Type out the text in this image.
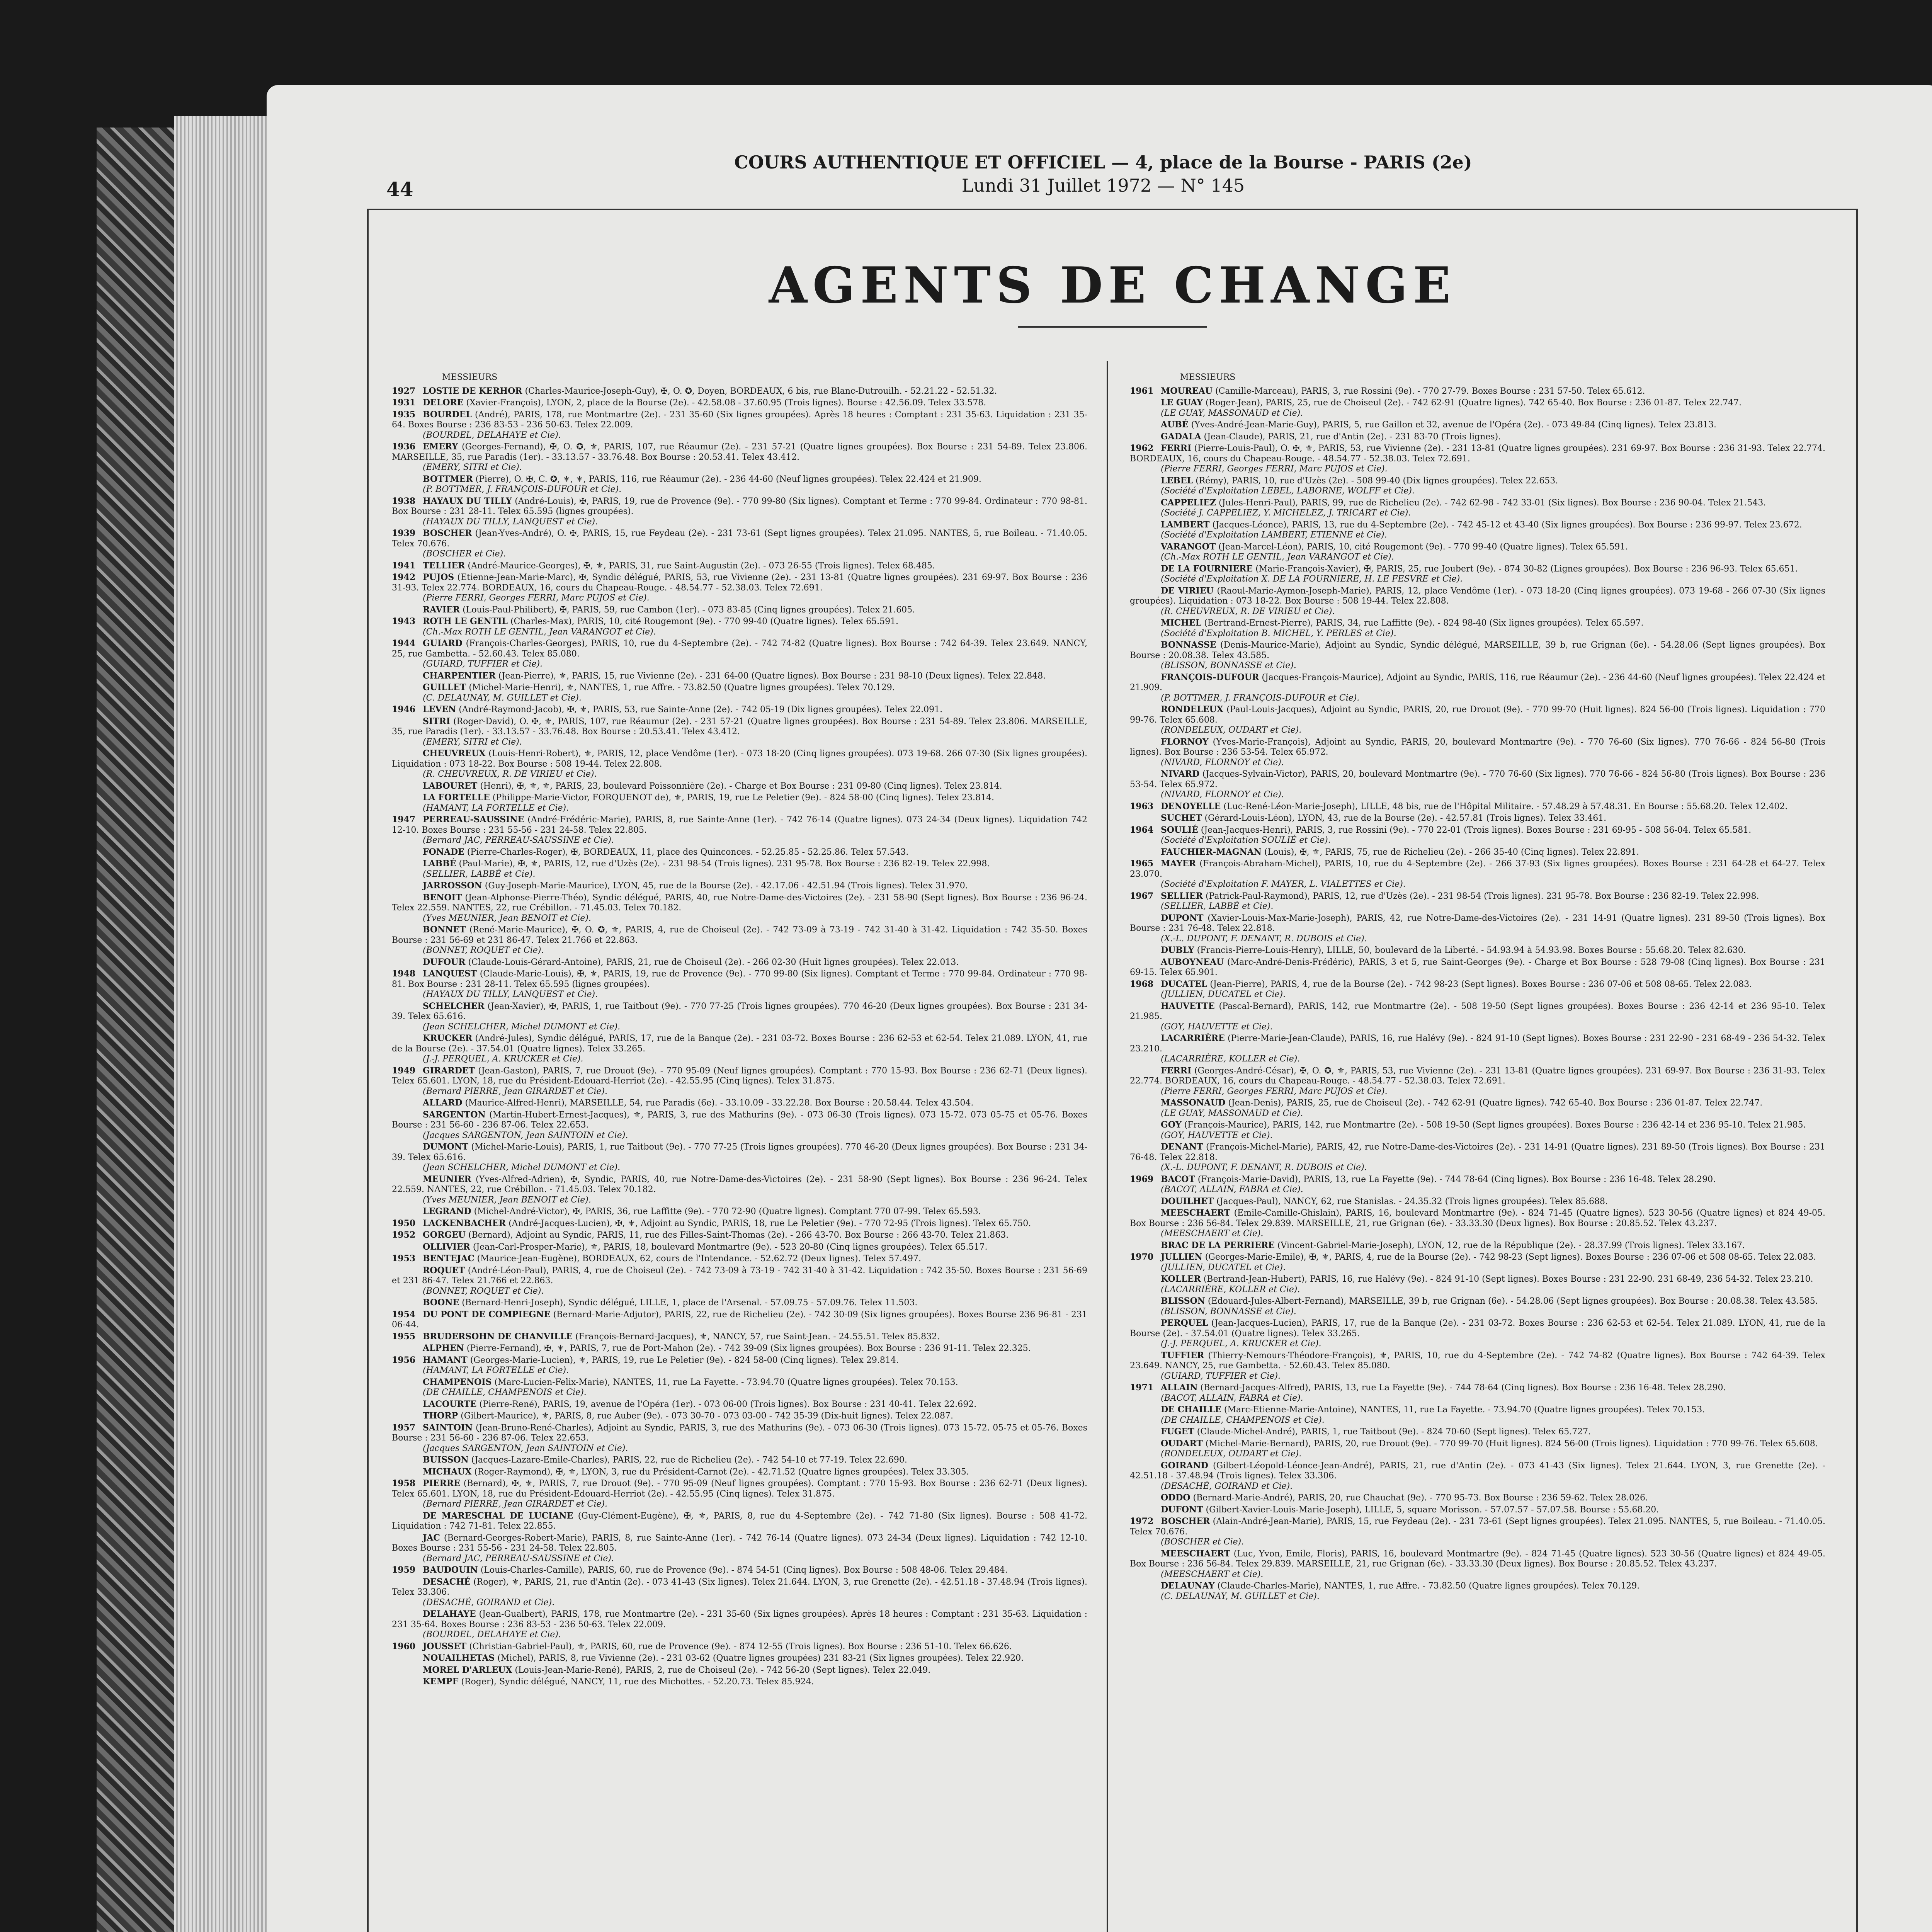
44
COURS AUTHENTIQUE ET OFFICIEL — 4, place de la Bourse - PARIS (2e)
Lundi 31 Juillet 1972 — N° 145
AGENTS DE CHANGE
MESSIEURS
1927 LOSTIE DE KERHOR (Charles-Maurice-Joseph-Guy), ✠, O. ✪, Doyen, BORDEAUX, 6 bis, rue Blanc-Dutrouilh. - 52.21.22 - 52.51.32.
1931 DELORE (Xavier-François), LYON, 2, place de la Bourse (2e). - 42.58.08 - 37.60.95 (Trois lignes). Bourse : 42.56.09. Telex 33.578.
1935 BOURDEL (André), PARIS, 178, rue Montmartre (2e). - 231 35-60 (Six lignes groupées). Après 18 heures : Comptant : 231 35-63. Liquidation : 231 35-64. Boxes Bourse : 236 83-53 - 236 50-63. Telex 22.009.
(BOURDEL, DELAHAYE et Cie).
1936 EMERY (Georges-Fernand), ✠, O. ✪, ⚜, PARIS, 107, rue Réaumur (2e). - 231 57-21 (Quatre lignes groupées). Box Bourse : 231 54-89. Telex 23.806. MARSEILLE, 35, rue Paradis (1er). - 33.13.57 - 33.76.48. Box Bourse : 20.53.41. Telex 43.412.
(EMERY, SITRI et Cie).
BOTTMER (Pierre), O. ✠, C. ✪, ⚜, ⚜, PARIS, 116, rue Réaumur (2e). - 236 44-60 (Neuf lignes groupées). Telex 22.424 et 21.909.
(P. BOTTMER, J. FRANÇOIS-DUFOUR et Cie).
1938 HAYAUX DU TILLY (André-Louis), ✠, PARIS, 19, rue de Provence (9e). - 770 99-80 (Six lignes). Comptant et Terme : 770 99-84. Ordinateur : 770 98-81. Box Bourse : 231 28-11. Telex 65.595 (lignes groupées).
(HAYAUX DU TILLY, LANQUEST et Cie).
1939 BOSCHER (Jean-Yves-André), O. ✠, PARIS, 15, rue Feydeau (2e). - 231 73-61 (Sept lignes groupées). Telex 21.095. NANTES, 5, rue Boileau. - 71.40.05. Telex 70.676.
(BOSCHER et Cie).
1941 TELLIER (André-Maurice-Georges), ✠, ⚜, PARIS, 31, rue Saint-Augustin (2e). - 073 26-55 (Trois lignes). Telex 68.485.
1942 PUJOS (Etienne-Jean-Marie-Marc), ✠, Syndic délégué, PARIS, 53, rue Vivienne (2e). - 231 13-81 (Quatre lignes groupées). 231 69-97. Box Bourse : 236 31-93. Telex 22.774. BORDEAUX, 16, cours du Chapeau-Rouge. - 48.54.77 - 52.38.03. Telex 72.691.
(Pierre FERRI, Georges FERRI, Marc PUJOS et Cie).
RAVIER (Louis-Paul-Philibert), ✠, PARIS, 59, rue Cambon (1er). - 073 83-85 (Cinq lignes groupées). Telex 21.605.
1943 ROTH LE GENTIL (Charles-Max), PARIS, 10, cité Rougemont (9e). - 770 99-40 (Quatre lignes). Telex 65.591.
(Ch.-Max ROTH LE GENTIL, Jean VARANGOT et Cie).
1944 GUIARD (François-Charles-Georges), PARIS, 10, rue du 4-Septembre (2e). - 742 74-82 (Quatre lignes). Box Bourse : 742 64-39. Telex 23.649. NANCY, 25, rue Gambetta. - 52.60.43. Telex 85.080.
(GUIARD, TUFFIER et Cie).
CHARPENTIER (Jean-Pierre), ⚜, PARIS, 15, rue Vivienne (2e). - 231 64-00 (Quatre lignes). Box Bourse : 231 98-10 (Deux lignes). Telex 22.848.
GUILLET (Michel-Marie-Henri), ⚜, NANTES, 1, rue Affre. - 73.82.50 (Quatre lignes groupées). Telex 70.129.
(C. DELAUNAY, M. GUILLET et Cie).
1946 LEVEN (André-Raymond-Jacob), ✠, ⚜, PARIS, 53, rue Sainte-Anne (2e). - 742 05-19 (Dix lignes groupées). Telex 22.091.
SITRI (Roger-David), O. ✠, ⚜, PARIS, 107, rue Réaumur (2e). - 231 57-21 (Quatre lignes groupées). Box Bourse : 231 54-89. Telex 23.806. MARSEILLE, 35, rue Paradis (1er). - 33.13.57 - 33.76.48. Box Bourse : 20.53.41. Telex 43.412.
(EMERY, SITRI et Cie).
CHEUVREUX (Louis-Henri-Robert), ⚜, PARIS, 12, place Vendôme (1er). - 073 18-20 (Cinq lignes groupées). 073 19-68. 266 07-30 (Six lignes groupées). Liquidation : 073 18-22. Box Bourse : 508 19-44. Telex 22.808.
(R. CHEUVREUX, R. DE VIRIEU et Cie).
LABOURET (Henri), ✠, ⚜, ⚜, PARIS, 23, boulevard Poissonnière (2e). - Charge et Box Bourse : 231 09-80 (Cinq lignes). Telex 23.814.
LA FORTELLE (Philippe-Marie-Victor, FORQUENOT de), ⚜, PARIS, 19, rue Le Peletier (9e). - 824 58-00 (Cinq lignes). Telex 23.814.
(HAMANT, LA FORTELLE et Cie).
1947 PERREAU-SAUSSINE (André-Frédéric-Marie), PARIS, 8, rue Sainte-Anne (1er). - 742 76-14 (Quatre lignes). 073 24-34 (Deux lignes). Liquidation 742 12-10. Boxes Bourse : 231 55-56 - 231 24-58. Telex 22.805.
(Bernard JAC, PERREAU-SAUSSINE et Cie).
FONADE (Pierre-Charles-Roger), ✠, BORDEAUX, 11, place des Quinconces. - 52.25.85 - 52.25.86. Telex 57.543.
LABBÉ (Paul-Marie), ✠, ⚜, PARIS, 12, rue d'Uzès (2e). - 231 98-54 (Trois lignes). 231 95-78. Box Bourse : 236 82-19. Telex 22.998.
(SELLIER, LABBÉ et Cie).
JARROSSON (Guy-Joseph-Marie-Maurice), LYON, 45, rue de la Bourse (2e). - 42.17.06 - 42.51.94 (Trois lignes). Telex 31.970.
BENOIT (Jean-Alphonse-Pierre-Théo), Syndic délégué, PARIS, 40, rue Notre-Dame-des-Victoires (2e). - 231 58-90 (Sept lignes). Box Bourse : 236 96-24. Telex 22.559. NANTES, 22, rue Crébillon. - 71.45.03. Telex 70.182.
(Yves MEUNIER, Jean BENOIT et Cie).
BONNET (René-Marie-Maurice), ✠, O. ✪, ⚜, PARIS, 4, rue de Choiseul (2e). - 742 73-09 à 73-19 - 742 31-40 à 31-42. Liquidation : 742 35-50. Boxes Bourse : 231 56-69 et 231 86-47. Telex 21.766 et 22.863.
(BONNET, ROQUET et Cie).
DUFOUR (Claude-Louis-Gérard-Antoine), PARIS, 21, rue de Choiseul (2e). - 266 02-30 (Huit lignes groupées). Telex 22.013.
1948 LANQUEST (Claude-Marie-Louis), ✠, ⚜, PARIS, 19, rue de Provence (9e). - 770 99-80 (Six lignes). Comptant et Terme : 770 99-84. Ordinateur : 770 98-81. Box Bourse : 231 28-11. Telex 65.595 (lignes groupées).
(HAYAUX DU TILLY, LANQUEST et Cie).
SCHELCHER (Jean-Xavier), ✠, PARIS, 1, rue Taitbout (9e). - 770 77-25 (Trois lignes groupées). 770 46-20 (Deux lignes groupées). Box Bourse : 231 34-39. Telex 65.616.
(Jean SCHELCHER, Michel DUMONT et Cie).
KRUCKER (André-Jules), Syndic délégué, PARIS, 17, rue de la Banque (2e). - 231 03-72. Boxes Bourse : 236 62-53 et 62-54. Telex 21.089. LYON, 41, rue de la Bourse (2e). - 37.54.01 (Quatre lignes). Telex 33.265.
(J.-J. PERQUEL, A. KRUCKER et Cie).
1949 GIRARDET (Jean-Gaston), PARIS, 7, rue Drouot (9e). - 770 95-09 (Neuf lignes groupées). Comptant : 770 15-93. Box Bourse : 236 62-71 (Deux lignes). Telex 65.601. LYON, 18, rue du Président-Edouard-Herriot (2e). - 42.55.95 (Cinq lignes). Telex 31.875.
(Bernard PIERRE, Jean GIRARDET et Cie).
ALLARD (Maurice-Alfred-Henri), MARSEILLE, 54, rue Paradis (6e). - 33.10.09 - 33.22.28. Box Bourse : 20.58.44. Telex 43.504.
SARGENTON (Martin-Hubert-Ernest-Jacques), ⚜, PARIS, 3, rue des Mathurins (9e). - 073 06-30 (Trois lignes). 073 15-72. 073 05-75 et 05-76. Boxes Bourse : 231 56-60 - 236 87-06. Telex 22.653.
(Jacques SARGENTON, Jean SAINTOIN et Cie).
DUMONT (Michel-Marie-Louis), PARIS, 1, rue Taitbout (9e). - 770 77-25 (Trois lignes groupées). 770 46-20 (Deux lignes groupées). Box Bourse : 231 34-39. Telex 65.616.
(Jean SCHELCHER, Michel DUMONT et Cie).
MEUNIER (Yves-Alfred-Adrien), ✠, Syndic, PARIS, 40, rue Notre-Dame-des-Victoires (2e). - 231 58-90 (Sept lignes). Box Bourse : 236 96-24. Telex 22.559. NANTES, 22, rue Crébillon. - 71.45.03. Telex 70.182.
(Yves MEUNIER, Jean BENOIT et Cie).
LEGRAND (Michel-André-Victor), ✠, PARIS, 36, rue Laffitte (9e). - 770 72-90 (Quatre lignes). Comptant 770 07-99. Telex 65.593.
1950 LACKENBACHER (André-Jacques-Lucien), ✠, ⚜, Adjoint au Syndic, PARIS, 18, rue Le Peletier (9e). - 770 72-95 (Trois lignes). Telex 65.750.
1952 GORGEU (Bernard), Adjoint au Syndic, PARIS, 11, rue des Filles-Saint-Thomas (2e). - 266 43-70. Box Bourse : 266 43-70. Telex 21.863.
OLLIVIER (Jean-Carl-Prosper-Marie), ⚜, PARIS, 18, boulevard Montmartre (9e). - 523 20-80 (Cinq lignes groupées). Telex 65.517.
1953 BENTEJAC (Maurice-Jean-Eugène), BORDEAUX, 62, cours de l'Intendance. - 52.62.72 (Deux lignes). Telex 57.497.
ROQUET (André-Léon-Paul), PARIS, 4, rue de Choiseul (2e). - 742 73-09 à 73-19 - 742 31-40 à 31-42. Liquidation : 742 35-50. Boxes Bourse : 231 56-69 et 231 86-47. Telex 21.766 et 22.863.
(BONNET, ROQUET et Cie).
BOONE (Bernard-Henri-Joseph), Syndic délégué, LILLE, 1, place de l'Arsenal. - 57.09.75 - 57.09.76. Telex 11.503.
1954 DU PONT DE COMPIEGNE (Bernard-Marie-Adjutor), PARIS, 22, rue de Richelieu (2e). - 742 30-09 (Six lignes groupées). Boxes Bourse 236 96-81 - 231 06-44.
1955 BRUDERSOHN DE CHANVILLE (François-Bernard-Jacques), ⚜, NANCY, 57, rue Saint-Jean. - 24.55.51. Telex 85.832.
ALPHEN (Pierre-Fernand), ✠, ⚜, PARIS, 7, rue de Port-Mahon (2e). - 742 39-09 (Six lignes groupées). Box Bourse : 236 91-11. Telex 22.325.
1956 HAMANT (Georges-Marie-Lucien), ⚜, PARIS, 19, rue Le Peletier (9e). - 824 58-00 (Cinq lignes). Telex 29.814.
(HAMANT, LA FORTELLE et Cie).
CHAMPENOIS (Marc-Lucien-Felix-Marie), NANTES, 11, rue La Fayette. - 73.94.70 (Quatre lignes groupées). Telex 70.153.
(DE CHAILLE, CHAMPENOIS et Cie).
LACOURTE (Pierre-René), PARIS, 19, avenue de l'Opéra (1er). - 073 06-00 (Trois lignes). Box Bourse : 231 40-41. Telex 22.692.
THORP (Gilbert-Maurice), ⚜, PARIS, 8, rue Auber (9e). - 073 30-70 - 073 03-00 - 742 35-39 (Dix-huit lignes). Telex 22.087.
1957 SAINTOIN (Jean-Bruno-René-Charles), Adjoint au Syndic, PARIS, 3, rue des Mathurins (9e). - 073 06-30 (Trois lignes). 073 15-72. 05-75 et 05-76. Boxes Bourse : 231 56-60 - 236 87-06. Telex 22.653.
(Jacques SARGENTON, Jean SAINTOIN et Cie).
BUISSON (Jacques-Lazare-Emile-Charles), PARIS, 22, rue de Richelieu (2e). - 742 54-10 et 77-19. Telex 22.690.
MICHAUX (Roger-Raymond), ✠, ⚜, LYON, 3, rue du Président-Carnot (2e). - 42.71.52 (Quatre lignes groupées). Telex 33.305.
1958 PIERRE (Bernard), ✠, ⚜, PARIS, 7, rue Drouot (9e). - 770 95-09 (Neuf lignes groupées). Comptant : 770 15-93. Box Bourse : 236 62-71 (Deux lignes). Telex 65.601. LYON, 18, rue du Président-Edouard-Herriot (2e). - 42.55.95 (Cinq lignes). Telex 31.875.
(Bernard PIERRE, Jean GIRARDET et Cie).
DE MARESCHAL DE LUCIANE (Guy-Clément-Eugène), ✠, ⚜, PARIS, 8, rue du 4-Septembre (2e). - 742 71-80 (Six lignes). Bourse : 508 41-72. Liquidation : 742 71-81. Telex 22.855.
JAC (Bernard-Georges-Robert-Marie), PARIS, 8, rue Sainte-Anne (1er). - 742 76-14 (Quatre lignes). 073 24-34 (Deux lignes). Liquidation : 742 12-10. Boxes Bourse : 231 55-56 - 231 24-58. Telex 22.805.
(Bernard JAC, PERREAU-SAUSSINE et Cie).
1959 BAUDOUIN (Louis-Charles-Camille), PARIS, 60, rue de Provence (9e). - 874 54-51 (Cinq lignes). Box Bourse : 508 48-06. Telex 29.484.
DESACHÉ (Roger), ⚜, PARIS, 21, rue d'Antin (2e). - 073 41-43 (Six lignes). Telex 21.644. LYON, 3, rue Grenette (2e). - 42.51.18 - 37.48.94 (Trois lignes). Telex 33.306.
(DESACHÉ, GOIRAND et Cie).
DELAHAYE (Jean-Gualbert), PARIS, 178, rue Montmartre (2e). - 231 35-60 (Six lignes groupées). Après 18 heures : Comptant : 231 35-63. Liquidation : 231 35-64. Boxes Bourse : 236 83-53 - 236 50-63. Telex 22.009.
(BOURDEL, DELAHAYE et Cie).
1960 JOUSSET (Christian-Gabriel-Paul), ⚜, PARIS, 60, rue de Provence (9e). - 874 12-55 (Trois lignes). Box Bourse : 236 51-10. Telex 66.626.
NOUAILHETAS (Michel), PARIS, 8, rue Vivienne (2e). - 231 03-62 (Quatre lignes groupées) 231 83-21 (Six lignes groupées). Telex 22.920.
MOREL D'ARLEUX (Louis-Jean-Marie-René), PARIS, 2, rue de Choiseul (2e). - 742 56-20 (Sept lignes). Telex 22.049.
KEMPF (Roger), Syndic délégué, NANCY, 11, rue des Michottes. - 52.20.73. Telex 85.924.
MESSIEURS
1961 MOUREAU (Camille-Marceau), PARIS, 3, rue Rossini (9e). - 770 27-79. Boxes Bourse : 231 57-50. Telex 65.612.
LE GUAY (Roger-Jean), PARIS, 25, rue de Choiseul (2e). - 742 62-91 (Quatre lignes). 742 65-40. Box Bourse : 236 01-87. Telex 22.747.
(LE GUAY, MASSONAUD et Cie).
AUBÉ (Yves-André-Jean-Marie-Guy), PARIS, 5, rue Gaillon et 32, avenue de l'Opéra (2e). - 073 49-84 (Cinq lignes). Telex 23.813.
GADALA (Jean-Claude), PARIS, 21, rue d'Antin (2e). - 231 83-70 (Trois lignes).
1962 FERRI (Pierre-Louis-Paul), O. ✠, ⚜, PARIS, 53, rue Vivienne (2e). - 231 13-81 (Quatre lignes groupées). 231 69-97. Box Bourse : 236 31-93. Telex 22.774. BORDEAUX, 16, cours du Chapeau-Rouge. - 48.54.77 - 52.38.03. Telex 72.691.
(Pierre FERRI, Georges FERRI, Marc PUJOS et Cie).
LEBEL (Rémy), PARIS, 10, rue d'Uzès (2e). - 508 99-40 (Dix lignes groupées). Telex 22.653.
(Société d'Exploitation LEBEL, LABORNE, WOLFF et Cie).
CAPPELIEZ (Jules-Henri-Paul), PARIS, 99, rue de Richelieu (2e). - 742 62-98 - 742 33-01 (Six lignes). Box Bourse : 236 90-04. Telex 21.543.
(Société J. CAPPELIEZ, Y. MICHELEZ, J. TRICART et Cie).
LAMBERT (Jacques-Léonce), PARIS, 13, rue du 4-Septembre (2e). - 742 45-12 et 43-40 (Six lignes groupées). Box Bourse : 236 99-97. Telex 23.672.
(Société d'Exploitation LAMBERT, ETIENNE et Cie).
VARANGOT (Jean-Marcel-Léon), PARIS, 10, cité Rougemont (9e). - 770 99-40 (Quatre lignes). Telex 65.591.
(Ch.-Max ROTH LE GENTIL, Jean VARANGOT et Cie).
DE LA FOURNIERE (Marie-François-Xavier), ✠, PARIS, 25, rue Joubert (9e). - 874 30-82 (Lignes groupées). Box Bourse : 236 96-93. Telex 65.651.
(Société d'Exploitation X. DE LA FOURNIERE, H. LE FESVRE et Cie).
DE VIRIEU (Raoul-Marie-Aymon-Joseph-Marie), PARIS, 12, place Vendôme (1er). - 073 18-20 (Cinq lignes groupées). 073 19-68 - 266 07-30 (Six lignes groupées). Liquidation : 073 18-22. Box Bourse : 508 19-44. Telex 22.808.
(R. CHEUVREUX, R. DE VIRIEU et Cie).
MICHEL (Bertrand-Ernest-Pierre), PARIS, 34, rue Laffitte (9e). - 824 98-40 (Six lignes groupées). Telex 65.597.
(Société d'Exploitation B. MICHEL, Y. PERLES et Cie).
BONNASSE (Denis-Maurice-Marie), Adjoint au Syndic, Syndic délégué, MARSEILLE, 39 b, rue Grignan (6e). - 54.28.06 (Sept lignes groupées). Box Bourse : 20.08.38. Telex 43.585.
(BLISSON, BONNASSE et Cie).
FRANÇOIS-DUFOUR (Jacques-François-Maurice), Adjoint au Syndic, PARIS, 116, rue Réaumur (2e). - 236 44-60 (Neuf lignes groupées). Telex 22.424 et 21.909.
(P. BOTTMER, J. FRANÇOIS-DUFOUR et Cie).
RONDELEUX (Paul-Louis-Jacques), Adjoint au Syndic, PARIS, 20, rue Drouot (9e). - 770 99-70 (Huit lignes). 824 56-00 (Trois lignes). Liquidation : 770 99-76. Telex 65.608.
(RONDELEUX, OUDART et Cie).
FLORNOY (Yves-Marie-François), Adjoint au Syndic, PARIS, 20, boulevard Montmartre (9e). - 770 76-60 (Six lignes). 770 76-66 - 824 56-80 (Trois lignes). Box Bourse : 236 53-54. Telex 65.972.
(NIVARD, FLORNOY et Cie).
NIVARD (Jacques-Sylvain-Victor), PARIS, 20, boulevard Montmartre (9e). - 770 76-60 (Six lignes). 770 76-66 - 824 56-80 (Trois lignes). Box Bourse : 236 53-54. Telex 65.972.
(NIVARD, FLORNOY et Cie).
1963 DENOYELLE (Luc-René-Léon-Marie-Joseph), LILLE, 48 bis, rue de l'Hôpital Militaire. - 57.48.29 à 57.48.31. En Bourse : 55.68.20. Telex 12.402.
SUCHET (Gérard-Louis-Léon), LYON, 43, rue de la Bourse (2e). - 42.57.81 (Trois lignes). Telex 33.461.
1964 SOULIÉ (Jean-Jacques-Henri), PARIS, 3, rue Rossini (9e). - 770 22-01 (Trois lignes). Boxes Bourse : 231 69-95 - 508 56-04. Telex 65.581.
(Société d'Exploitation SOULIÉ et Cie).
FAUCHIER-MAGNAN (Louis), ✠, ⚜, PARIS, 75, rue de Richelieu (2e). - 266 35-40 (Cinq lignes). Telex 22.891.
1965 MAYER (François-Abraham-Michel), PARIS, 10, rue du 4-Septembre (2e). - 266 37-93 (Six lignes groupées). Boxes Bourse : 231 64-28 et 64-27. Telex 23.070.
(Société d'Exploitation F. MAYER, L. VIALETTES et Cie).
1967 SELLIER (Patrick-Paul-Raymond), PARIS, 12, rue d'Uzès (2e). - 231 98-54 (Trois lignes). 231 95-78. Box Bourse : 236 82-19. Telex 22.998.
(SELLIER, LABBÉ et Cie).
DUPONT (Xavier-Louis-Max-Marie-Joseph), PARIS, 42, rue Notre-Dame-des-Victoires (2e). - 231 14-91 (Quatre lignes). 231 89-50 (Trois lignes). Box Bourse : 231 76-48. Telex 22.818.
(X.-L. DUPONT, F. DENANT, R. DUBOIS et Cie).
DUBLY (Francis-Pierre-Louis-Henry), LILLE, 50, boulevard de la Liberté. - 54.93.94 à 54.93.98. Boxes Bourse : 55.68.20. Telex 82.630.
AUBOYNEAU (Marc-André-Denis-Frédéric), PARIS, 3 et 5, rue Saint-Georges (9e). - Charge et Box Bourse : 528 79-08 (Cinq lignes). Box Bourse : 231 69-15. Telex 65.901.
1968 DUCATEL (Jean-Pierre), PARIS, 4, rue de la Bourse (2e). - 742 98-23 (Sept lignes). Boxes Bourse : 236 07-06 et 508 08-65. Telex 22.083.
(JULLIEN, DUCATEL et Cie).
HAUVETTE (Pascal-Bernard), PARIS, 142, rue Montmartre (2e). - 508 19-50 (Sept lignes groupées). Boxes Bourse : 236 42-14 et 236 95-10. Telex 21.985.
(GOY, HAUVETTE et Cie).
LACARRIÈRE (Pierre-Marie-Jean-Claude), PARIS, 16, rue Halévy (9e). - 824 91-10 (Sept lignes). Boxes Bourse : 231 22-90 - 231 68-49 - 236 54-32. Telex 23.210.
(LACARRIÈRE, KOLLER et Cie).
FERRI (Georges-André-César), ✠, O. ✪, ⚜, PARIS, 53, rue Vivienne (2e). - 231 13-81 (Quatre lignes groupées). 231 69-97. Box Bourse : 236 31-93. Telex 22.774. BORDEAUX, 16, cours du Chapeau-Rouge. - 48.54.77 - 52.38.03. Telex 72.691.
(Pierre FERRI, Georges FERRI, Marc PUJOS et Cie).
MASSONAUD (Jean-Denis), PARIS, 25, rue de Choiseul (2e). - 742 62-91 (Quatre lignes). 742 65-40. Box Bourse : 236 01-87. Telex 22.747.
(LE GUAY, MASSONAUD et Cie).
GOY (François-Maurice), PARIS, 142, rue Montmartre (2e). - 508 19-50 (Sept lignes groupées). Boxes Bourse : 236 42-14 et 236 95-10. Telex 21.985.
(GOY, HAUVETTE et Cie).
DENANT (François-Michel-Marie), PARIS, 42, rue Notre-Dame-des-Victoires (2e). - 231 14-91 (Quatre lignes). 231 89-50 (Trois lignes). Box Bourse : 231 76-48. Telex 22.818.
(X.-L. DUPONT, F. DENANT, R. DUBOIS et Cie).
1969 BACOT (François-Marie-David), PARIS, 13, rue La Fayette (9e). - 744 78-64 (Cinq lignes). Box Bourse : 236 16-48. Telex 28.290.
(BACOT, ALLAIN, FABRA et Cie).
DOUILHET (Jacques-Paul), NANCY, 62, rue Stanislas. - 24.35.32 (Trois lignes groupées). Telex 85.688.
MEESCHAERT (Emile-Camille-Ghislain), PARIS, 16, boulevard Montmartre (9e). - 824 71-45 (Quatre lignes). 523 30-56 (Quatre lignes) et 824 49-05. Box Bourse : 236 56-84. Telex 29.839. MARSEILLE, 21, rue Grignan (6e). - 33.33.30 (Deux lignes). Box Bourse : 20.85.52. Telex 43.237.
(MEESCHAERT et Cie).
BRAC DE LA PERRIERE (Vincent-Gabriel-Marie-Joseph), LYON, 12, rue de la République (2e). - 28.37.99 (Trois lignes). Telex 33.167.
1970 JULLIEN (Georges-Marie-Emile), ✠, ⚜, PARIS, 4, rue de la Bourse (2e). - 742 98-23 (Sept lignes). Boxes Bourse : 236 07-06 et 508 08-65. Telex 22.083.
(JULLIEN, DUCATEL et Cie).
KOLLER (Bertrand-Jean-Hubert), PARIS, 16, rue Halévy (9e). - 824 91-10 (Sept lignes). Boxes Bourse : 231 22-90. 231 68-49, 236 54-32. Telex 23.210.
(LACARRIÈRE, KOLLER et Cie).
BLISSON (Edouard-Jules-Albert-Fernand), MARSEILLE, 39 b, rue Grignan (6e). - 54.28.06 (Sept lignes groupées). Box Bourse : 20.08.38. Telex 43.585.
(BLISSON, BONNASSE et Cie).
PERQUEL (Jean-Jacques-Lucien), PARIS, 17, rue de la Banque (2e). - 231 03-72. Boxes Bourse : 236 62-53 et 62-54. Telex 21.089. LYON, 41, rue de la Bourse (2e). - 37.54.01 (Quatre lignes). Telex 33.265.
(J.-J. PERQUEL, A. KRUCKER et Cie).
TUFFIER (Thierry-Nemours-Théodore-François), ⚜, PARIS, 10, rue du 4-Septembre (2e). - 742 74-82 (Quatre lignes). Box Bourse : 742 64-39. Telex 23.649. NANCY, 25, rue Gambetta. - 52.60.43. Telex 85.080.
(GUIARD, TUFFIER et Cie).
1971 ALLAIN (Bernard-Jacques-Alfred), PARIS, 13, rue La Fayette (9e). - 744 78-64 (Cinq lignes). Box Bourse : 236 16-48. Telex 28.290.
(BACOT, ALLAIN, FABRA et Cie).
DE CHAILLE (Marc-Etienne-Marie-Antoine), NANTES, 11, rue La Fayette. - 73.94.70 (Quatre lignes groupées). Telex 70.153.
(DE CHAILLE, CHAMPENOIS et Cie).
FUGET (Claude-Michel-André), PARIS, 1, rue Taitbout (9e). - 824 70-60 (Sept lignes). Telex 65.727.
OUDART (Michel-Marie-Bernard), PARIS, 20, rue Drouot (9e). - 770 99-70 (Huit lignes). 824 56-00 (Trois lignes). Liquidation : 770 99-76. Telex 65.608.
(RONDELEUX, OUDART et Cie).
GOIRAND (Gilbert-Léopold-Léonce-Jean-André), PARIS, 21, rue d'Antin (2e). - 073 41-43 (Six lignes). Telex 21.644. LYON, 3, rue Grenette (2e). - 42.51.18 - 37.48.94 (Trois lignes). Telex 33.306.
(DESACHÉ, GOIRAND et Cie).
ODDO (Bernard-Marie-André), PARIS, 20, rue Chauchat (9e). - 770 95-73. Box Bourse : 236 59-62. Telex 28.026.
DUFONT (Gilbert-Xavier-Louis-Marie-Joseph), LILLE, 5, square Morisson. - 57.07.57 - 57.07.58. Bourse : 55.68.20.
1972 BOSCHER (Alain-André-Jean-Marie), PARIS, 15, rue Feydeau (2e). - 231 73-61 (Sept lignes groupées). Telex 21.095. NANTES, 5, rue Boileau. - 71.40.05. Telex 70.676.
(BOSCHER et Cie).
MEESCHAERT (Luc, Yvon, Emile, Floris), PARIS, 16, boulevard Montmartre (9e). - 824 71-45 (Quatre lignes). 523 30-56 (Quatre lignes) et 824 49-05. Box Bourse : 236 56-84. Telex 29.839. MARSEILLE, 21, rue Grignan (6e). - 33.33.30 (Deux lignes). Box Bourse : 20.85.52. Telex 43.237.
(MEESCHAERT et Cie).
DELAUNAY (Claude-Charles-Marie), NANTES, 1, rue Affre. - 73.82.50 (Quatre lignes groupées). Telex 70.129.
(C. DELAUNAY, M. GUILLET et Cie).
